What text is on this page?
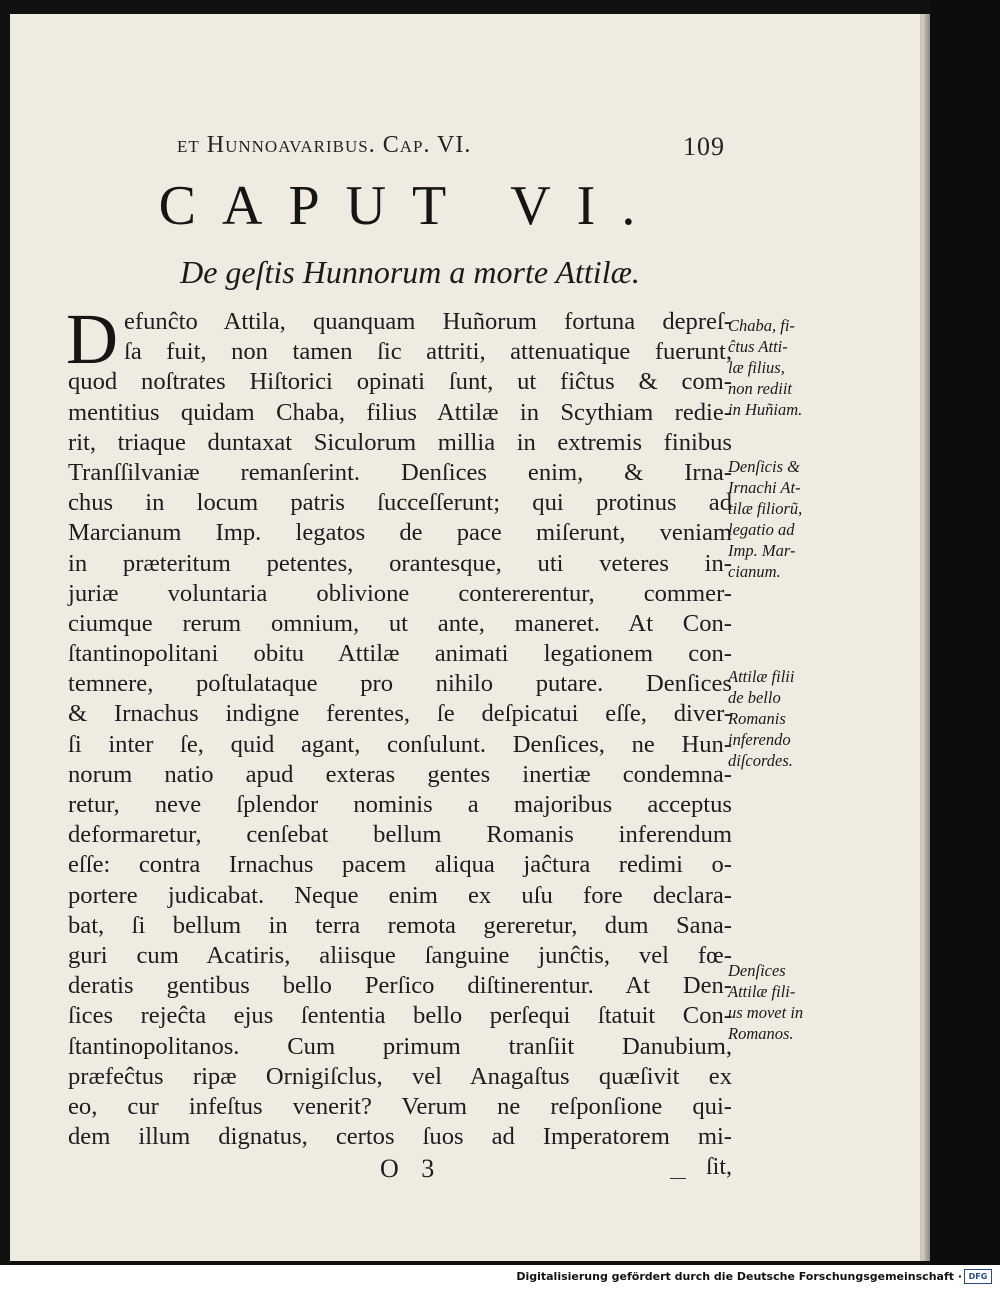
et Hunnoavaribus. Cap. VI.	109
CAPUT VI.
De geſtis Hunnorum a morte Attilæ.
D efunĉto Attila, quanquam Huñorum fortuna depreſ-
ſa fuit, non tamen ſic attriti, attenuatique fuerunt,
quod noſtrates Hiſtorici opinati ſunt, ut fiĉtus & com-
mentitius quidam Chaba, filius Attilæ in Scythiam redie-
rit, triaque duntaxat Siculorum millia in extremis finibus
Tranſſilvaniæ remanſerint. Denſices enim, & Irna-
chus in locum patris ſucceſſerunt; qui protinus ad
Marcianum Imp. legatos de pace miſerunt, veniam
in præteritum petentes, orantesque, uti veteres in-
juriæ voluntaria oblivione contererentur, commer-
ciumque rerum omnium, ut ante, maneret. At Con-
ſtantinopolitani obitu Attilæ animati legationem con-
temnere, poſtulataque pro nihilo putare. Denſices
& Irnachus indigne ferentes, ſe deſpicatui eſſe, diver-
ſi inter ſe, quid agant, conſulunt. Denſices, ne Hun-
norum natio apud exteras gentes inertiæ condemna-
retur, neve ſplendor nominis a majoribus acceptus
deformaretur, cenſebat bellum Romanis inferendum
eſſe: contra Irnachus pacem aliqua jaĉtura redimi o-
portere judicabat. Neque enim ex uſu fore declara-
bat, ſi bellum in terra remota gereretur, dum Sana-
guri cum Acatiris, aliisque ſanguine junĉtis, vel fœ-
deratis gentibus bello Perſico diſtinerentur. At Den-
ſices rejeĉta ejus ſententia bello perſequi ſtatuit Con-
ſtantinopolitanos. Cum primum tranſiit Danubium,
præfeĉtus ripæ Ornigiſclus, vel Anagaſtus quæſivit ex
eo, cur infeſtus venerit? Verum ne reſponſione qui-
dem illum dignatus, certos ſuos ad Imperatorem mi-
Chaba, fi-
ĉtus Atti-
læ filius,
non rediit
in Huñiam.
Denſicis &
Irnachi At-
tilæ filiorũ,
legatio ad
Imp. Mar-
cianum.
Attilæ filii
de bello
Romanis
inferendo
diſcordes.
Denſices
Attilæ fili-
us movet in
Romanos.
O 3	ſit,
Digitalisierung gefördert durch die Deutsche Forschungsgemeinschaft · DFG
